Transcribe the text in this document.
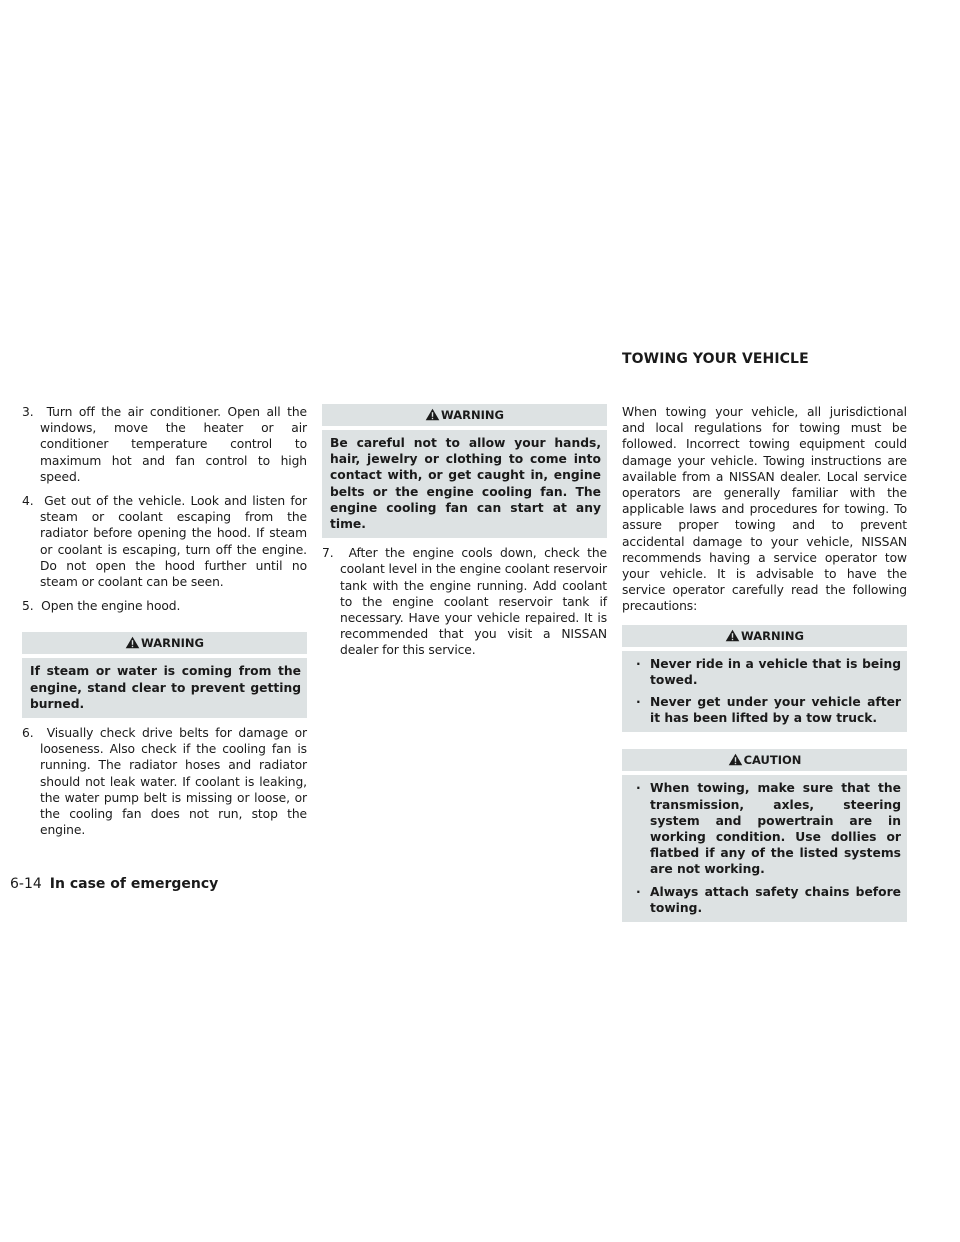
3. Turn off the air conditioner. Open all the windows, move the heater or air conditioner temperature control to maximum hot and fan control to high speed.

4. Get out of the vehicle. Look and listen for steam or coolant escaping from the radiator before opening the hood. If steam or coolant is escaping, turn off the engine. Do not open the hood further until no steam or coolant can be seen.

5. Open the engine hood.

WARNING
If steam or water is coming from the engine, stand clear to prevent getting burned.

6. Visually check drive belts for damage or looseness. Also check if the cooling fan is running. The radiator hoses and radiator should not leak water. If coolant is leaking, the water pump belt is missing or loose, or the cooling fan does not run, stop the engine.

WARNING
Be careful not to allow your hands, hair, jewelry or clothing to come into contact with, or get caught in, engine belts or the engine cooling fan. The engine cooling fan can start at any time.

7. After the engine cools down, check the coolant level in the engine coolant reservoir tank with the engine running. Add coolant to the engine coolant reservoir tank if necessary. Have your vehicle repaired. It is recommended that you visit a NISSAN dealer for this service.

TOWING YOUR VEHICLE

When towing your vehicle, all jurisdictional and local regulations for towing must be followed. Incorrect towing equipment could damage your vehicle. Towing instructions are available from a NISSAN dealer. Local service operators are generally familiar with the applicable laws and procedures for towing. To assure proper towing and to prevent accidental damage to your vehicle, NISSAN recommends having a service operator tow your vehicle. It is advisable to have the service operator carefully read the following precautions:

WARNING
· Never ride in a vehicle that is being towed.
· Never get under your vehicle after it has been lifted by a tow truck.
CAUTION
· When towing, make sure that the transmission, axles, steering system and powertrain are in working condition. Use dollies or flatbed if any of the listed systems are not working.
· Always attach safety chains before towing.
6-14 In case of emergency
